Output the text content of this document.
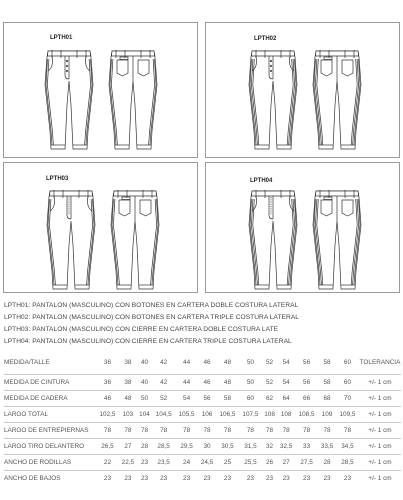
LPTH01	LPTH02
LPTH03	LPTH04
LPTH01: PANTALON (MASCULINO) CON BOTONES EN CARTERA DOBLE COSTURA LATERAL
LPTH02: PANTALON (MASCULINO) CON BOTONES EN CARTERA TRIPLE COSTURA LATERAL
LPTH03: PANTALON (MASCULINO) CON CIERRE EN CARTERA DOBLE COSTURA LATE
LPTH04: PANTALON (MASCULINO) CON CIERRE EN CARTERA TRIPLE COSTURA LATERAL
MEDIDA/TALLE	36	38	40	42	44	46	48	50	52	54	56	58	60	TOLERANCIA

MEDIDA DE CINTURA	36	38	40	42	44	46	48	50	52	54	56	58	60	+/- 1 cm
MEDIDA DE CADERA	46	48	50	52	54	56	58	60	62	64	66	68	70	+/- 1 cm
LARGO TOTAL	102,5	103	104	104,5	105,5	106	106,5	107,5	108	108	108,5	109	109,5	+/- 1 cm
LARGO DE ENTREPIERNAS	78	78	78	78	78	78	78	78	78	78	78	78	78	+/- 1 cm
LARGO TIRO DELANTERO	26,5	27	28	28,5	29,5	30	30,5	31,5	32	32,5	33	33,5	34,5	+/- 1 cm
ANCHO DE RODILLAS	22	22,5	23	23,5	24	24,5	25	25,5	26	27	27,5	28	28,5	+/- 1 cm
ANCHO DE BAJOS	23	23	23	23	23	23	23	23	23	23	23	23	23	+/- 1 cm
